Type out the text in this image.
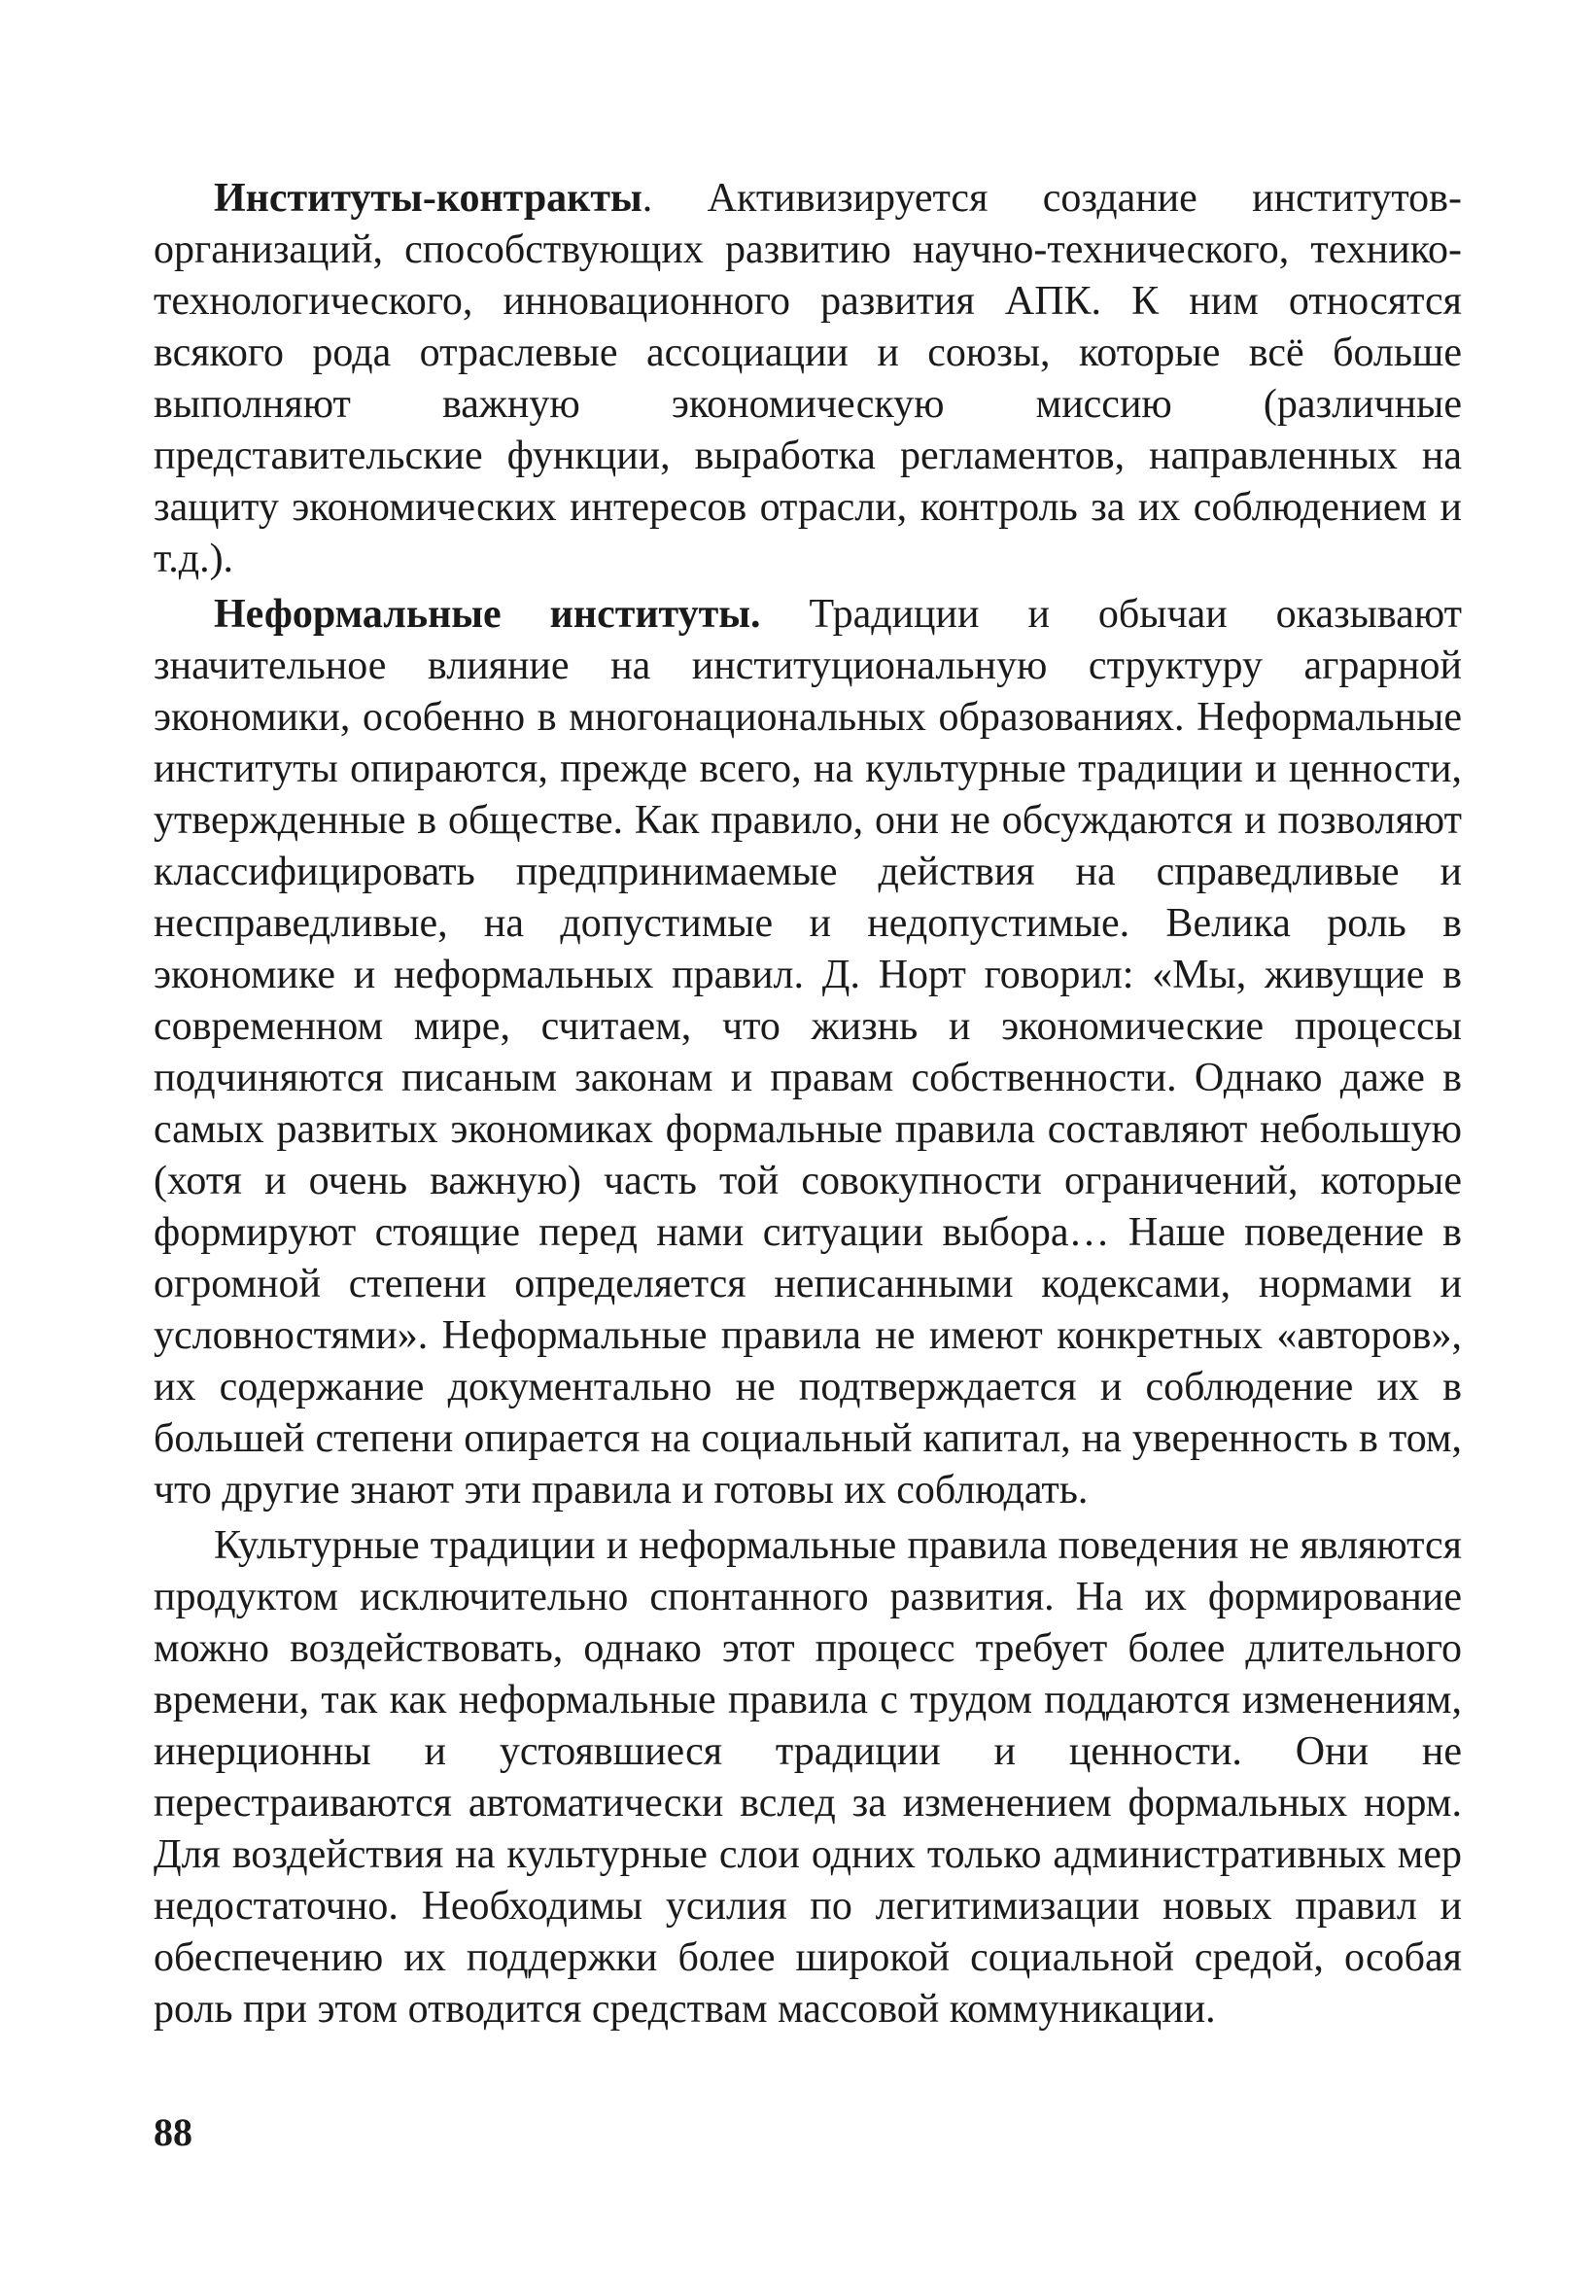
Институты-контракты. Активизируется создание институтов-организаций, способствующих развитию научно-технического, технико-технологического, инновационного развития АПК. К ним относятся всякого рода отраслевые ассоциации и союзы, которые всё больше выполняют важную экономическую миссию (различные представительские функции, выработка регламентов, направленных на защиту экономических интересов отрасли, контроль за их соблюдением и т.д.).

Неформальные институты. Традиции и обычаи оказывают значительное влияние на институциональную структуру аграрной экономики, особенно в многонациональных образованиях. Неформальные институты опираются, прежде всего, на культурные традиции и ценности, утвержденные в обществе. Как правило, они не обсуждаются и позволяют классифицировать предпринимаемые действия на справедливые и несправедливые, на допустимые и недопустимые. Велика роль в экономике и неформальных правил. Д. Норт говорил: «Мы, живущие в современном мире, считаем, что жизнь и экономические процессы подчиняются писаным законам и правам собственности. Однако даже в самых развитых экономиках формальные правила составляют небольшую (хотя и очень важную) часть той совокупности ограничений, которые формируют стоящие перед нами ситуации выбора… Наше поведение в огромной степени определяется неписанными кодексами, нормами и условностями». Неформальные правила не имеют конкретных «авторов», их содержание документально не подтверждается и соблюдение их в большей степени опирается на социальный капитал, на уверенность в том, что другие знают эти правила и готовы их соблюдать.

Культурные традиции и неформальные правила поведения не являются продуктом исключительно спонтанного развития. На их формирование можно воздействовать, однако этот процесс требует более длительного времени, так как неформальные правила с трудом поддаются изменениям, инерционны и устоявшиеся традиции и ценности. Они не перестраиваются автоматически вслед за изменением формальных норм. Для воздействия на культурные слои одних только административных мер недостаточно. Необходимы усилия по легитимизации новых правил и обеспечению их поддержки более широкой социальной средой, особая роль при этом отводится средствам массовой коммуникации.

88
